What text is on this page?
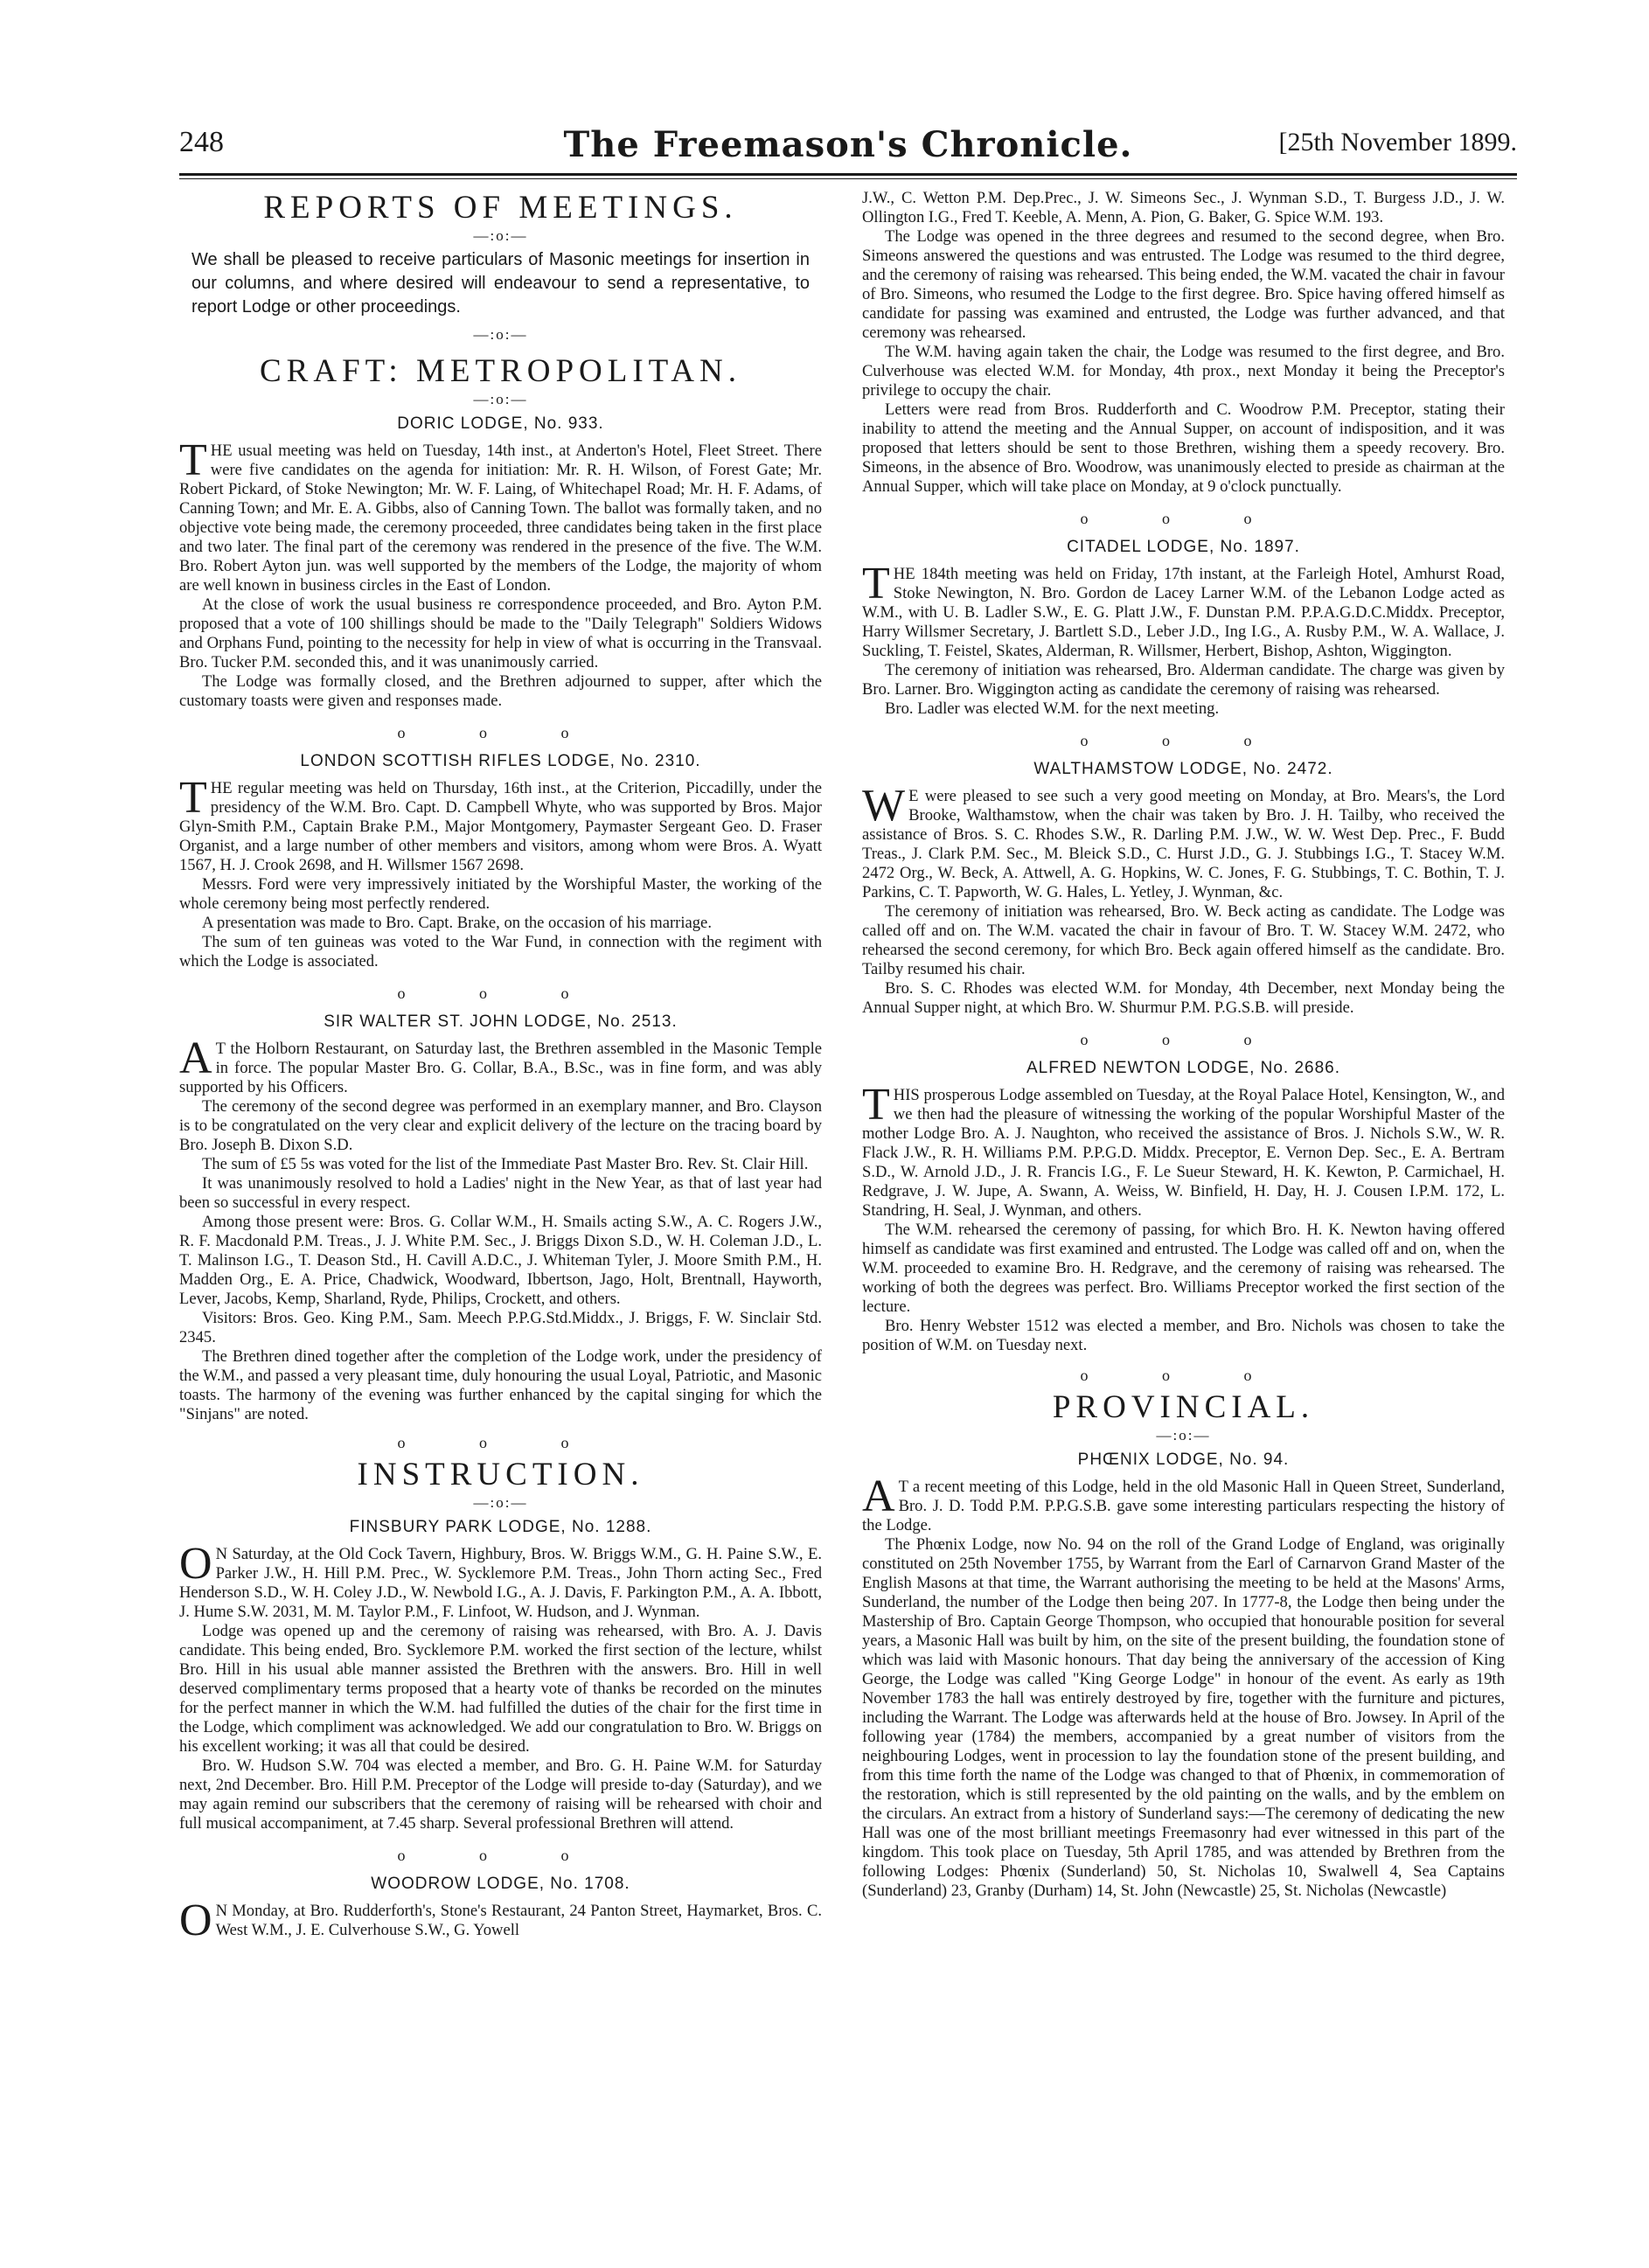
248	The Freemason's Chronicle.	[25th November 1899.
REPORTS OF MEETINGS.
—:o:—
We shall be pleased to receive particulars of Masonic meetings for insertion in our columns, and where desired will endeavour to send a representative, to report Lodge or other proceedings.
—:o:—
CRAFT: METROPOLITAN.
—:o:—
DORIC LODGE, No. 933.

THE usual meeting was held on Tuesday, 14th inst., at Anderton's Hotel, Fleet Street. There were five candidates on the agenda for initiation: Mr. R. H. Wilson, of Forest Gate; Mr. Robert Pickard, of Stoke Newington; Mr. W. F. Laing, of Whitechapel Road; Mr. H. F. Adams, of Canning Town; and Mr. E. A. Gibbs, also of Canning Town. The ballot was formally taken, and no objective vote being made, the ceremony proceeded, three candidates being taken in the first place and two later. The final part of the ceremony was rendered in the presence of the five. The W.M. Bro. Robert Ayton jun. was well supported by the members of the Lodge, the majority of whom are well known in business circles in the East of London.

At the close of work the usual business re correspondence proceeded, and Bro. Ayton P.M. proposed that a vote of 100 shillings should be made to the "Daily Telegraph" Soldiers Widows and Orphans Fund, pointing to the necessity for help in view of what is occurring in the Transvaal. Bro. Tucker P.M. seconded this, and it was unanimously carried.

The Lodge was formally closed, and the Brethren adjourned to supper, after which the customary toasts were given and responses made.

o o o
LONDON SCOTTISH RIFLES LODGE, No. 2310.

THE regular meeting was held on Thursday, 16th inst., at the Criterion, Piccadilly, under the presidency of the W.M. Bro. Capt. D. Campbell Whyte, who was supported by Bros. Major Glyn-Smith P.M., Captain Brake P.M., Major Montgomery, Paymaster Sergeant Geo. D. Fraser Organist, and a large number of other members and visitors, among whom were Bros. A. Wyatt 1567, H. J. Crook 2698, and H. Willsmer 1567 2698.

Messrs. Ford were very impressively initiated by the Worshipful Master, the working of the whole ceremony being most perfectly rendered.

A presentation was made to Bro. Capt. Brake, on the occasion of his marriage.

The sum of ten guineas was voted to the War Fund, in connection with the regiment with which the Lodge is associated.

o o o
SIR WALTER ST. JOHN LODGE, No. 2513.

A T the Holborn Restaurant, on Saturday last, the Brethren assembled in the Masonic Temple in force. The popular Master Bro. G. Collar, B.A., B.Sc., was in fine form, and was ably supported by his Officers.

The ceremony of the second degree was performed in an exemplary manner, and Bro. Clayson is to be congratulated on the very clear and explicit delivery of the lecture on the tracing board by Bro. Joseph B. Dixon S.D.

The sum of £5 5s was voted for the list of the Immediate Past Master Bro. Rev. St. Clair Hill.

It was unanimously resolved to hold a Ladies' night in the New Year, as that of last year had been so successful in every respect.

Among those present were: Bros. G. Collar W.M., H. Smails acting S.W., A. C. Rogers J.W., R. F. Macdonald P.M. Treas., J. J. White P.M. Sec., J. Briggs Dixon S.D., W. H. Coleman J.D., L. T. Malinson I.G., T. Deason Std., H. Cavill A.D.C., J. Whiteman Tyler, J. Moore Smith P.M., H. Madden Org., E. A. Price, Chadwick, Woodward, Ibbertson, Jago, Holt, Brentnall, Hayworth, Lever, Jacobs, Kemp, Sharland, Ryde, Philips, Crockett, and others.

Visitors: Bros. Geo. King P.M., Sam. Meech P.P.G.Std.Middx., J. Briggs, F. W. Sinclair Std. 2345.

The Brethren dined together after the completion of the Lodge work, under the presidency of the W.M., and passed a very pleasant time, duly honouring the usual Loyal, Patriotic, and Masonic toasts. The harmony of the evening was further enhanced by the capital singing for which the "Sinjans" are noted.

o o o
INSTRUCTION.
—:o:—
FINSBURY PARK LODGE, No. 1288.

O N Saturday, at the Old Cock Tavern, Highbury, Bros. W. Briggs W.M., G. H. Paine S.W., E. Parker J.W., H. Hill P.M. Prec., W. Sycklemore P.M. Treas., John Thorn acting Sec., Fred Henderson S.D., W. H. Coley J.D., W. Newbold I.G., A. J. Davis, F. Parkington P.M., A. A. Ibbott, J. Hume S.W. 2031, M. M. Taylor P.M., F. Linfoot, W. Hudson, and J. Wynman.

Lodge was opened up and the ceremony of raising was rehearsed, with Bro. A. J. Davis candidate. This being ended, Bro. Sycklemore P.M. worked the first section of the lecture, whilst Bro. Hill in his usual able manner assisted the Brethren with the answers. Bro. Hill in well deserved complimentary terms proposed that a hearty vote of thanks be recorded on the minutes for the perfect manner in which the W.M. had fulfilled the duties of the chair for the first time in the Lodge, which compliment was acknowledged. We add our congratulation to Bro. W. Briggs on his excellent working; it was all that could be desired.

Bro. W. Hudson S.W. 704 was elected a member, and Bro. G. H. Paine W.M. for Saturday next, 2nd December. Bro. Hill P.M. Preceptor of the Lodge will preside to-day (Saturday), and we may again remind our subscribers that the ceremony of raising will be rehearsed with choir and full musical accompaniment, at 7.45 sharp. Several professional Brethren will attend.

o o o
WOODROW LODGE, No. 1708.

O N Monday, at Bro. Rudderforth's, Stone's Restaurant, 24 Panton Street, Haymarket, Bros. C. West W.M., J. E. Culverhouse S.W., G. Yowell

J.W., C. Wetton P.M. Dep.Prec., J. W. Simeons Sec., J. Wynman S.D., T. Burgess J.D., J. W. Ollington I.G., Fred T. Keeble, A. Menn, A. Pion, G. Baker, G. Spice W.M. 193.

The Lodge was opened in the three degrees and resumed to the second degree, when Bro. Simeons answered the questions and was entrusted. The Lodge was resumed to the third degree, and the ceremony of raising was rehearsed. This being ended, the W.M. vacated the chair in favour of Bro. Simeons, who resumed the Lodge to the first degree. Bro. Spice having offered himself as candidate for passing was examined and entrusted, the Lodge was further advanced, and that ceremony was rehearsed.

The W.M. having again taken the chair, the Lodge was resumed to the first degree, and Bro. Culverhouse was elected W.M. for Monday, 4th prox., next Monday it being the Preceptor's privilege to occupy the chair.

Letters were read from Bros. Rudderforth and C. Woodrow P.M. Preceptor, stating their inability to attend the meeting and the Annual Supper, on account of indisposition, and it was proposed that letters should be sent to those Brethren, wishing them a speedy recovery. Bro. Simeons, in the absence of Bro. Woodrow, was unanimously elected to preside as chairman at the Annual Supper, which will take place on Monday, at 9 o'clock punctually.

o o o
CITADEL LODGE, No. 1897.

THE 184th meeting was held on Friday, 17th instant, at the Farleigh Hotel, Amhurst Road, Stoke Newington, N. Bro. Gordon de Lacey Larner W.M. of the Lebanon Lodge acted as W.M., with U. B. Ladler S.W., E. G. Platt J.W., F. Dunstan P.M. P.P.A.G.D.C.Middx. Preceptor, Harry Willsmer Secretary, J. Bartlett S.D., Leber J.D., Ing I.G., A. Rusby P.M., W. A. Wallace, J. Suckling, T. Feistel, Skates, Alderman, R. Willsmer, Herbert, Bishop, Ashton, Wiggington.

The ceremony of initiation was rehearsed, Bro. Alderman candidate. The charge was given by Bro. Larner. Bro. Wiggington acting as candidate the ceremony of raising was rehearsed.

Bro. Ladler was elected W.M. for the next meeting.

o o o
WALTHAMSTOW LODGE, No. 2472.

W E were pleased to see such a very good meeting on Monday, at Bro. Mears's, the Lord Brooke, Walthamstow, when the chair was taken by Bro. J. H. Tailby, who received the assistance of Bros. S. C. Rhodes S.W., R. Darling P.M. J.W., W. W. West Dep. Prec., F. Budd Treas., J. Clark P.M. Sec., M. Bleick S.D., C. Hurst J.D., G. J. Stubbings I.G., T. Stacey W.M. 2472 Org., W. Beck, A. Attwell, A. G. Hopkins, W. C. Jones, F. G. Stubbings, T. C. Bothin, T. J. Parkins, C. T. Papworth, W. G. Hales, L. Yetley, J. Wynman, &c.

The ceremony of initiation was rehearsed, Bro. W. Beck acting as candidate. The Lodge was called off and on. The W.M. vacated the chair in favour of Bro. T. W. Stacey W.M. 2472, who rehearsed the second ceremony, for which Bro. Beck again offered himself as the candidate. Bro. Tailby resumed his chair.

Bro. S. C. Rhodes was elected W.M. for Monday, 4th December, next Monday being the Annual Supper night, at which Bro. W. Shurmur P.M. P.G.S.B. will preside.

o o o
ALFRED NEWTON LODGE, No. 2686.

THIS prosperous Lodge assembled on Tuesday, at the Royal Palace Hotel, Kensington, W., and we then had the pleasure of witnessing the working of the popular Worshipful Master of the mother Lodge Bro. A. J. Naughton, who received the assistance of Bros. J. Nichols S.W., W. R. Flack J.W., R. H. Williams P.M. P.P.G.D. Middx. Preceptor, E. Vernon Dep. Sec., E. A. Bertram S.D., W. Arnold J.D., J. R. Francis I.G., F. Le Sueur Steward, H. K. Kewton, P. Carmichael, H. Redgrave, J. W. Jupe, A. Swann, A. Weiss, W. Binfield, H. Day, H. J. Cousen I.P.M. 172, L. Standring, H. Seal, J. Wynman, and others.

The W.M. rehearsed the ceremony of passing, for which Bro. H. K. Newton having offered himself as candidate was first examined and entrusted. The Lodge was called off and on, when the W.M. proceeded to examine Bro. H. Redgrave, and the ceremony of raising was rehearsed. The working of both the degrees was perfect. Bro. Williams Preceptor worked the first section of the lecture.

Bro. Henry Webster 1512 was elected a member, and Bro. Nichols was chosen to take the position of W.M. on Tuesday next.

o o o
PROVINCIAL.
—:o:—
PHŒNIX LODGE, No. 94.

A T a recent meeting of this Lodge, held in the old Masonic Hall in Queen Street, Sunderland, Bro. J. D. Todd P.M. P.P.G.S.B. gave some interesting particulars respecting the history of the Lodge.

The Phœnix Lodge, now No. 94 on the roll of the Grand Lodge of England, was originally constituted on 25th November 1755, by Warrant from the Earl of Carnarvon Grand Master of the English Masons at that time, the Warrant authorising the meeting to be held at the Masons' Arms, Sunderland, the number of the Lodge then being 207. In 1777-8, the Lodge then being under the Mastership of Bro. Captain George Thompson, who occupied that honourable position for several years, a Masonic Hall was built by him, on the site of the present building, the foundation stone of which was laid with Masonic honours. That day being the anniversary of the accession of King George, the Lodge was called "King George Lodge" in honour of the event. As early as 19th November 1783 the hall was entirely destroyed by fire, together with the furniture and pictures, including the Warrant. The Lodge was afterwards held at the house of Bro. Jowsey. In April of the following year (1784) the members, accompanied by a great number of visitors from the neighbouring Lodges, went in procession to lay the foundation stone of the present building, and from this time forth the name of the Lodge was changed to that of Phœnix, in commemoration of the restoration, which is still represented by the old painting on the walls, and by the emblem on the circulars. An extract from a history of Sunderland says:—The ceremony of dedicating the new Hall was one of the most brilliant meetings Freemasonry had ever witnessed in this part of the kingdom. This took place on Tuesday, 5th April 1785, and was attended by Brethren from the following Lodges: Phœnix (Sunderland) 50, St. Nicholas 10, Swalwell 4, Sea Captains (Sunderland) 23, Granby (Durham) 14, St. John (Newcastle) 25, St. Nicholas (Newcastle)
